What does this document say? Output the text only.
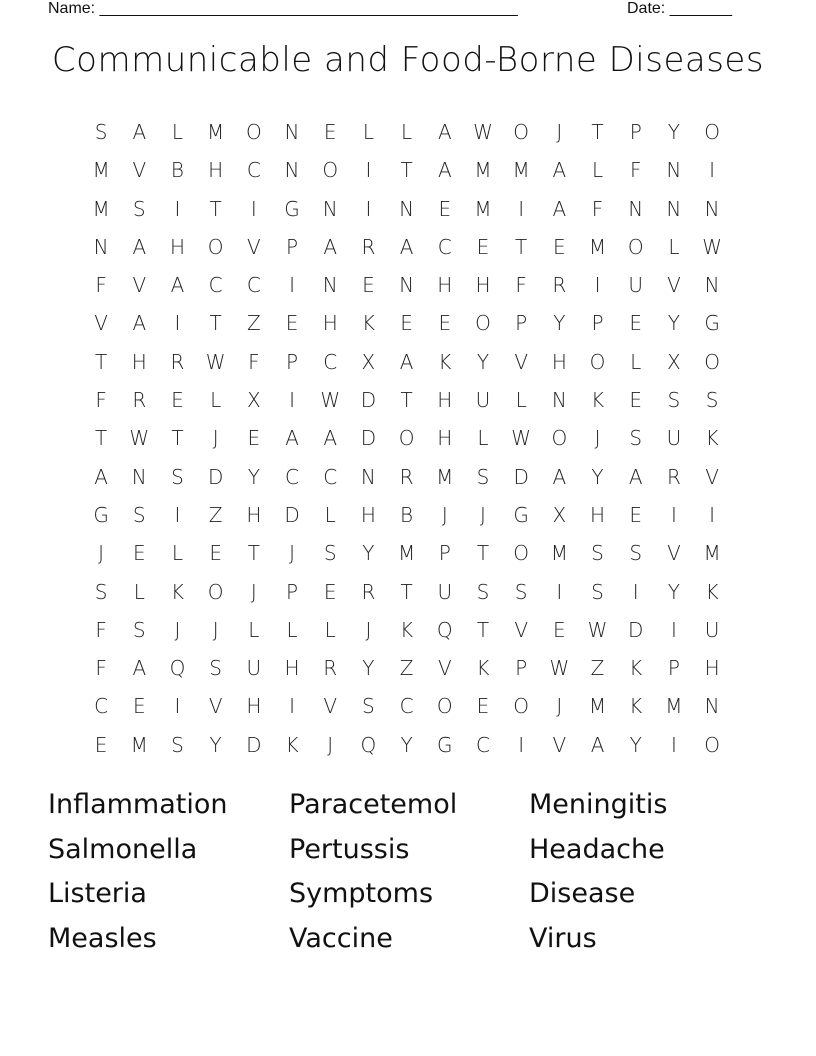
Name: _______________________________________________	Date: _______
Communicable and Food-Borne Diseases
S	A	L	M	O	N	E	L	L	A	W	O	J	T	P	Y	O
M	V	B	H	C	N	O	I	T	A	M	M	A	L	F	N	I
M	S	I	T	I	G	N	I	N	E	M	I	A	F	N	N	N
N	A	H	O	V	P	A	R	A	C	E	T	E	M	O	L	W
F	V	A	C	C	I	N	E	N	H	H	F	R	I	U	V	N
V	A	I	T	Z	E	H	K	E	E	O	P	Y	P	E	Y	G
T	H	R	W	F	P	C	X	A	K	Y	V	H	O	L	X	O
F	R	E	L	X	I	W	D	T	H	U	L	N	K	E	S	S
T	W	T	J	E	A	A	D	O	H	L	W	O	J	S	U	K
A	N	S	D	Y	C	C	N	R	M	S	D	A	Y	A	R	V
G	S	I	Z	H	D	L	H	B	J	J	G	X	H	E	I	I
J	E	L	E	T	J	S	Y	M	P	T	O	M	S	S	V	M
S	L	K	O	J	P	E	R	T	U	S	S	I	S	I	Y	K
F	S	J	J	L	L	L	J	K	Q	T	V	E	W	D	I	U
F	A	Q	S	U	H	R	Y	Z	V	K	P	W	Z	K	P	H
C	E	I	V	H	I	V	S	C	O	E	O	J	M	K	M	N
E	M	S	Y	D	K	J	Q	Y	G	C	I	V	A	Y	I	O
Inflammation	Paracetemol	Meningitis
Salmonella	Pertussis	Headache
Listeria	Symptoms	Disease
Measles	Vaccine	Virus
